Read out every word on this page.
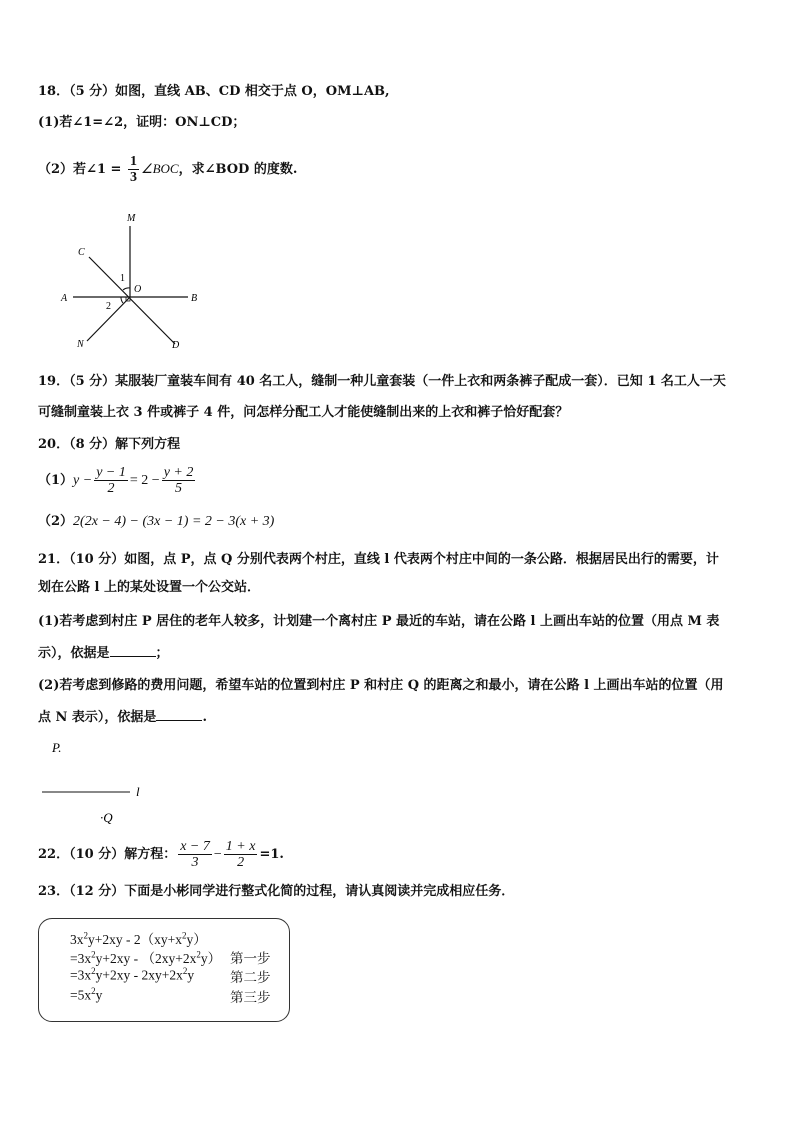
18．（5 分）如图，直线 AB、CD 相交于点 O，OM⊥AB,
(1)若∠1=∠2，证明：ON⊥CD；
（2）若∠1 = $\frac{1}{3}$ ∠BOC，求∠BOD 的度数.
M
C
O
A	B
N	D
1
2
19．（5 分）某服装厂童装车间有 40 名工人，缝制一种儿童套装（一件上衣和两条裤子配成一套）．已知 1 名工人一天
可缝制童装上衣 3 件或裤子 4 件，问怎样分配工人才能使缝制出来的上衣和裤子恰好配套？
20．（8 分）解下列方程
$(1)y - \frac{y - 1}{2} = 2 - \frac{y + 2}{5}$
（2）2(2x − 4) − (3x − 1) = 2 − 3(x + 3)
21．（10 分）如图，点 P，点 Q 分别代表两个村庄，直线 l 代表两个村庄中间的一条公路．根据居民出行的需要，计
划在公路 l 上的某处设置一个公交站．
(1)若考虑到村庄 P 居住的老年人较多，计划建一个离村庄 P 最近的车站，请在公路 l 上画出车站的位置（用点 M 表
示），依据是	；
(2)若考虑到修路的费用问题，希望车站的位置到村庄 P 和村庄 Q 的距离之和最小，请在公路 l 上画出车站的位置（用
点 N 表示），依据是	.
P.
l
·Q
22．（10 分）解方程： $\frac{x - 7}{3} - \frac{1 + x}{2} =1$.
23．（12 分）下面是小彬同学进行整式化简的过程，请认真阅读并完成相应任务．
$3x^2y+2xy - 2(xy+x^2y)$
$=3x^2y+2xy - (2xy+2x^2y)$ 第一步
$=3x^2y+2xy - 2xy+2x^2y$	第二步
$=5x^2y$	第三步
